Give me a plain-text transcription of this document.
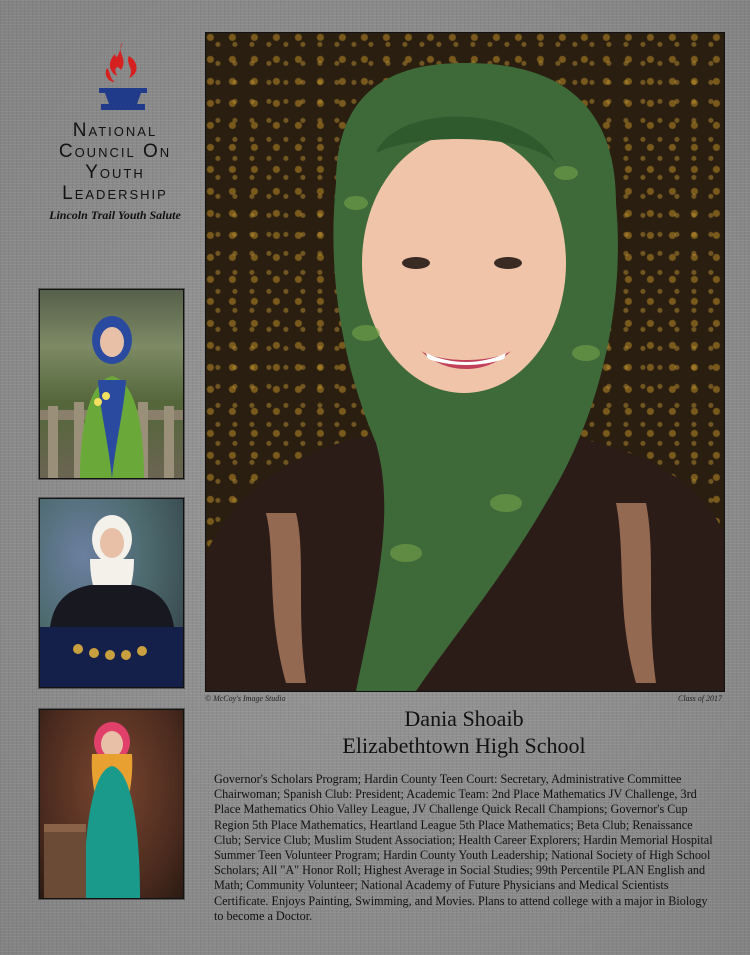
National
Council On
Youth
Leadership
Lincoln Trail Youth Salute
© McCoy's Image Studio	Class of 2017
Dania Shoaib
Elizabethtown High School

Governor's Scholars Program; Hardin County Teen Court: Secretary, Administrative Committee Chairwoman; Spanish Club: President; Academic Team: 2nd Place Mathematics JV Challenge, 3rd Place Mathematics Ohio Valley League, JV Challenge Quick Recall Champions; Governor's Cup Region 5th Place Mathematics, Heartland League 5th Place Mathematics; Beta Club; Renaissance Club; Service Club; Muslim Student Association; Health Career Explorers; Hardin Memorial Hospital Summer Teen Volunteer Program; Hardin County Youth Leadership; National Society of High School Scholars; All "A" Honor Roll; Highest Average in Social Studies; 99th Percentile PLAN English and Math; Community Volunteer; National Academy of Future Physicians and Medical Scientists Certificate. Enjoys Painting, Swimming, and Movies. Plans to attend college with a major in Biology to become a Doctor.
